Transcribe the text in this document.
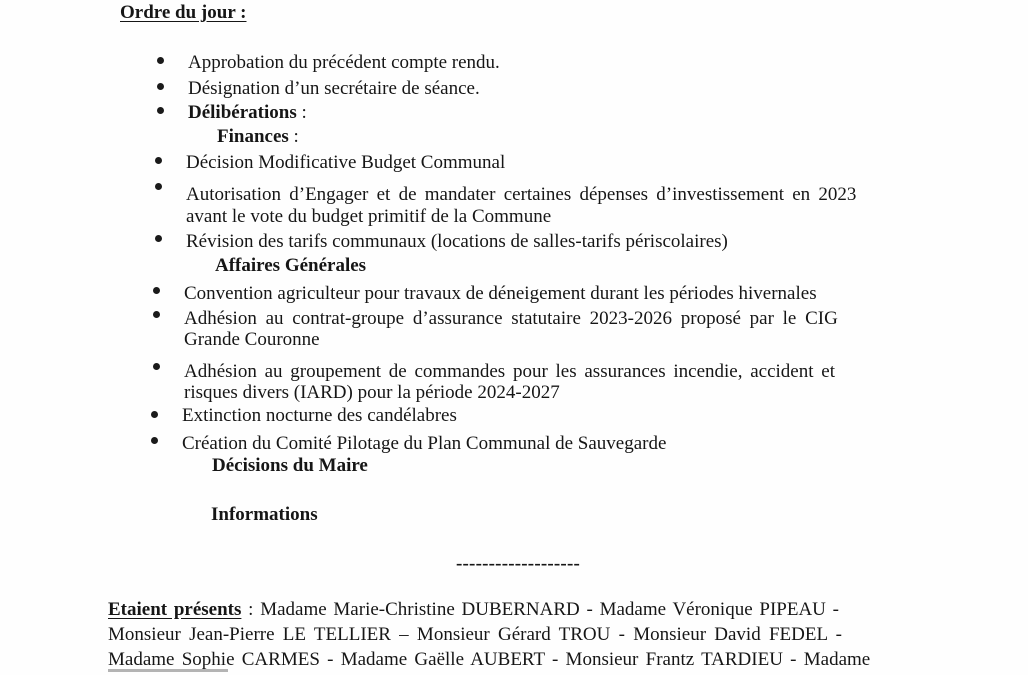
Ordre du jour :
Approbation du précédent compte rendu.
Désignation d’un secrétaire de séance.
Délibérations :
Finances :
Décision Modificative Budget Communal
Autorisation d’Engager et de mandater certaines dépenses d’investissement en 2023
avant le vote du budget primitif de la Commune
Révision des tarifs communaux (locations de salles-tarifs périscolaires)
Affaires Générales
Convention agriculteur pour travaux de déneigement durant les périodes hivernales
Adhésion au contrat-groupe d’assurance statutaire 2023-2026 proposé par le CIG
Grande Couronne
Adhésion au groupement de commandes pour les assurances incendie, accident et
risques divers (IARD) pour la période 2024-2027
Extinction nocturne des candélabres
Création du Comité Pilotage du Plan Communal de Sauvegarde
Décisions du Maire
Informations
-------------------
Etaient présents : Madame Marie-Christine DUBERNARD - Madame Véronique PIPEAU -
Monsieur Jean-Pierre LE TELLIER – Monsieur Gérard TROU - Monsieur David FEDEL -
Madame Sophie CARMES - Madame Gaëlle AUBERT - Monsieur Frantz TARDIEU - Madame
